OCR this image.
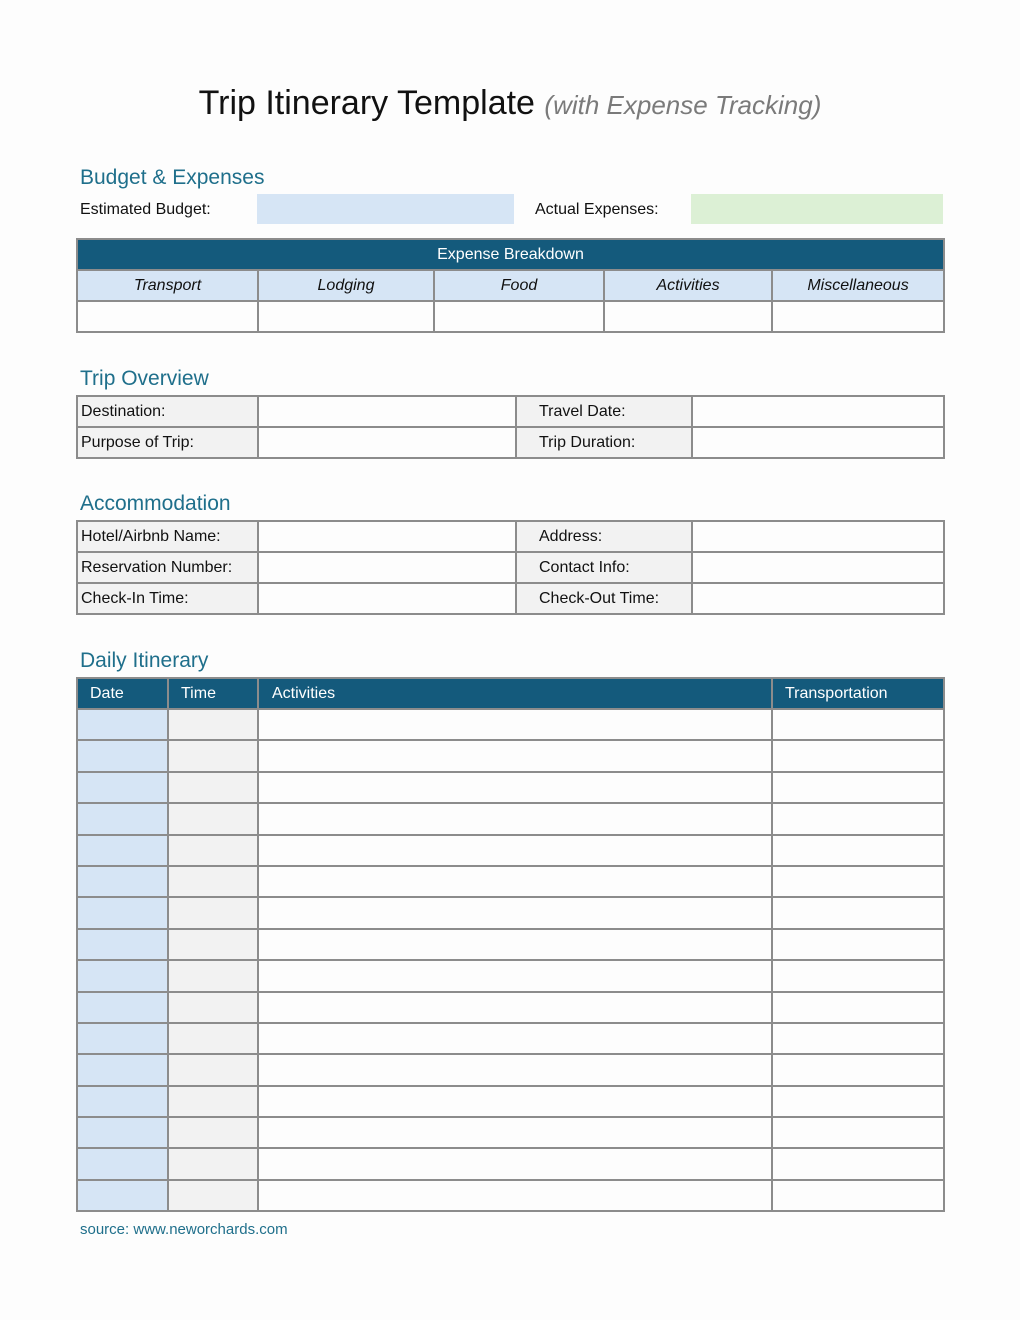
Trip Itinerary Template (with Expense Tracking)
Budget & Expenses
Estimated Budget:	Actual Expenses:
Expense Breakdown				
Transport	Lodging	Food	Activities	Miscellaneous

Trip Overview
Destination:		Travel Date:	
Purpose of Trip:		Trip Duration:	
Accommodation
Hotel/Airbnb Name:		Address:	
Reservation Number:		Contact Info:	
Check-In Time:		Check-Out Time:	
Daily Itinerary
Date	Time	Activities	Transportation

source: www.neworchards.com
